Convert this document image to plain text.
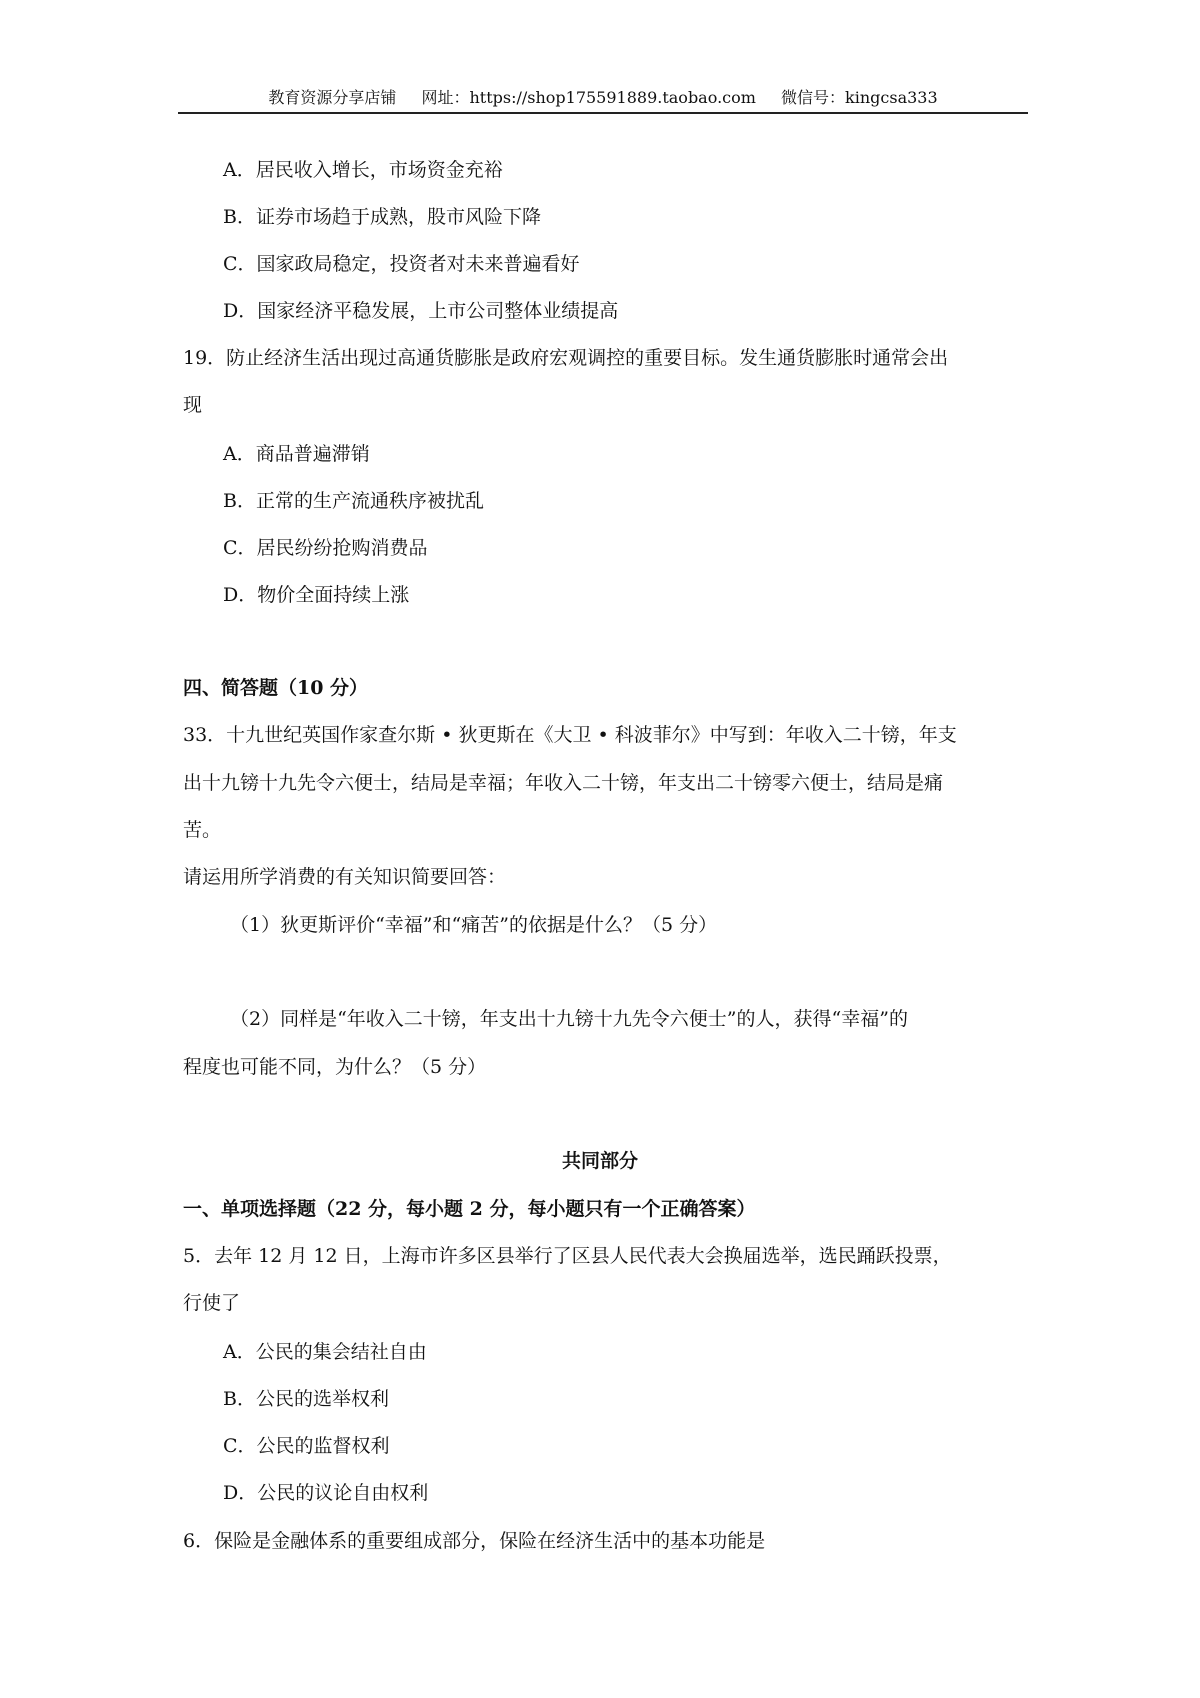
教育资源分享店铺 网址：https://shop175591889.taobao.com 微信号：kingcsa333
A．居民收入增长，市场资金充裕
B．证券市场趋于成熟，股市风险下降
C．国家政局稳定，投资者对未来普遍看好
D．国家经济平稳发展，上市公司整体业绩提高
19．防止经济生活出现过高通货膨胀是政府宏观调控的重要目标。发生通货膨胀时通常会出
现
A．商品普遍滞销
B．正常的生产流通秩序被扰乱
C．居民纷纷抢购消费品
D．物价全面持续上涨
四、简答题（10 分）
33．十九世纪英国作家查尔斯 • 狄更斯在《大卫 • 科波菲尔》中写到：年收入二十镑，年支
出十九镑十九先令六便士，结局是幸福；年收入二十镑，年支出二十镑零六便士，结局是痛
苦。
请运用所学消费的有关知识简要回答：
（1）狄更斯评价“幸福”和“痛苦”的依据是什么？（5 分）
（2）同样是“年收入二十镑，年支出十九镑十九先令六便士”的人，获得“幸福”的
程度也可能不同，为什么？（5 分）
共同部分
一、单项选择题（22 分，每小题 2 分，每小题只有一个正确答案）
5．去年 12 月 12 日，上海市许多区县举行了区县人民代表大会换届选举，选民踊跃投票，
行使了
A．公民的集会结社自由
B．公民的选举权利
C．公民的监督权利
D．公民的议论自由权利
6．保险是金融体系的重要组成部分，保险在经济生活中的基本功能是
